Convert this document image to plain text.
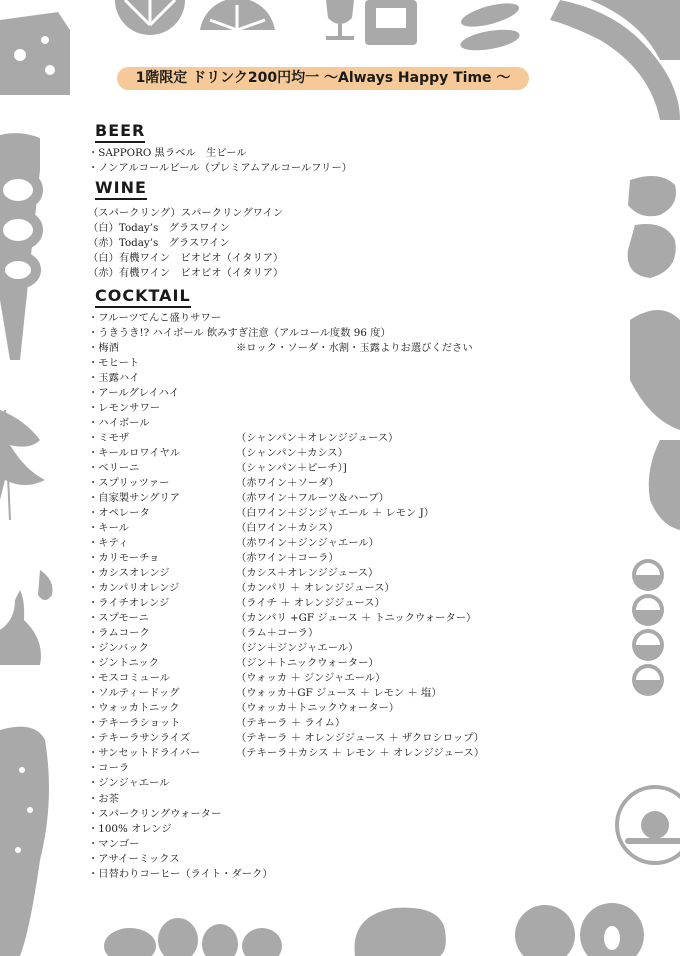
1階限定 ドリンク200円均一 ～Always Happy Time ～
BEER
・SAPPORO 黒ラベル　生ビール
・ノンアルコールビール（プレミアムアルコールフリー）
WINE
（スパークリング）スパークリングワイン
（白）Today’s　グラスワイン
（赤）Today’s　グラスワイン
（白）有機ワイン　ビオビオ（イタリア）
（赤）有機ワイン　ビオビオ（イタリア）
COCKTAIL
・フルーツてんこ盛りサワー
・うきうき!? ハイボール 飲みすぎ注意（アルコール度数 96 度）
・梅酒	※ロック・ソーダ・水割・玉露よりお選びください
・モヒート
・玉露ハイ
・アールグレイハイ
・レモンサワー
・ハイボール
・ミモザ	（シャンパン＋オレンジジュース）
・キールロワイヤル	（シャンパン＋カシス）
・ベリーニ	（シャンパン＋ピーチ）]
・スプリッツァー	（赤ワイン＋ソーダ）
・自家製サングリア	（赤ワイン＋フルーツ＆ハーブ）
・オペレータ	（白ワイン＋ジンジャエール ＋ レモン J）
・キール	（白ワイン＋カシス）
・キティ	（赤ワイン＋ジンジャエール）
・カリモーチョ	（赤ワイン＋コーラ）
・カシスオレンジ	（カシス＋オレンジジュース）
・カンパリオレンジ	（カンパリ ＋ オレンジジュース）
・ライチオレンジ	（ライチ ＋ オレンジジュース）
・スプモーニ	（カンパリ +GF ジュース ＋ トニックウォーター）
・ラムコーク	（ラム＋コーラ）
・ジンバック	（ジン＋ジンジャエール）
・ジントニック	（ジン＋トニックウォーター）
・モスコミュール	（ウォッカ ＋ ジンジャエール）
・ソルティードッグ	（ウォッカ＋GF ジュース ＋ レモン ＋ 塩）
・ウォッカトニック	（ウォッカ＋トニックウォーター）
・テキーラショット	（テキーラ ＋ ライム）
・テキーラサンライズ	（テキーラ ＋ オレンジジュース ＋ ザクロシロップ）
・サンセットドライバー	（テキーラ＋カシス ＋ レモン ＋ オレンジジュース）
・コーラ
・ジンジャエール
・お茶
・スパークリングウォーター
・100% オレンジ
・マンゴー
・アサイーミックス
・日替わりコーヒー（ライト・ダーク）
